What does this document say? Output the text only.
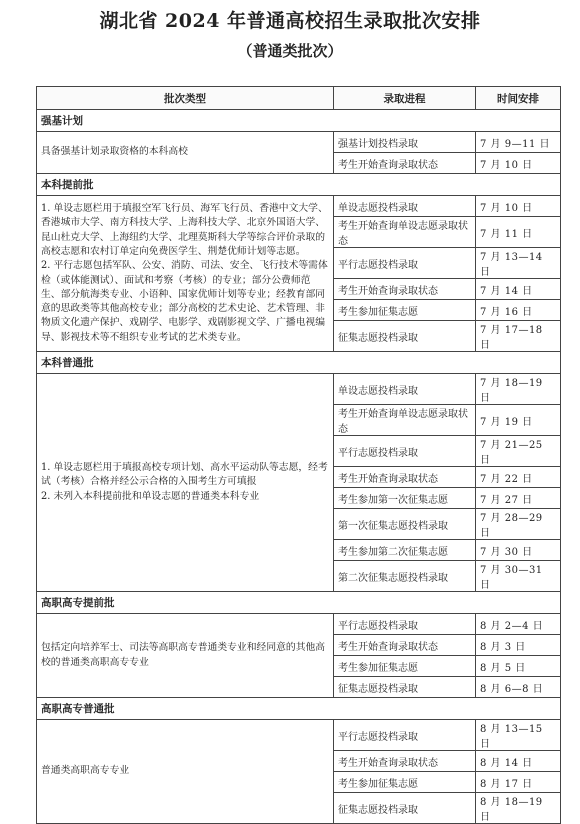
湖北省 2024 年普通高校招生录取批次安排
（普通类批次）
批次类型	录取进程	时间安排
强基计划		

具备强基计划录取资格的本科高校	强基计划投档录取	7 月 9—11 日
	考生开始查询录取状态	7 月 10 日
本科提前批		

1. 单设志愿栏用于填报空军飞行员、海军飞行员、香港中文大学、香港城市大学、南方科技大学、上海科技大学、北京外国语大学、昆山杜克大学、上海纽约大学、北理莫斯科大学等综合评价录取的高校志愿和农村订单定向免费医学生、荆楚优师计划等志愿。
2. 平行志愿包括军队、公安、消防、司法、安全、飞行技术等需体检（或体能测试）、面试和考察（考核）的专业；部分公费师范生、部分航海类专业、小语种、国家优师计划等专业；经教育部同意的思政类等其他高校专业；部分高校的艺术史论、艺术管理、非物质文化遗产保护、戏剧学、电影学、戏剧影视文学、广播电视编导、影视技术等不组织专业考试的艺术类专业。	单设志愿投档录取	7 月 10 日
	考生开始查询单设志愿录取状态	7 月 11 日
	平行志愿投档录取	7 月 13—14 日
	考生开始查询录取状态	7 月 14 日
	考生参加征集志愿	7 月 16 日
	征集志愿投档录取	7 月 17—18 日
本科普通批		

1. 单设志愿栏用于填报高校专项计划、高水平运动队等志愿，经考试（考核）合格并经公示合格的入围考生方可填报
2. 未列入本科提前批和单设志愿的普通类本科专业	单设志愿投档录取	7 月 18—19 日
	考生开始查询单设志愿录取状态	7 月 19 日
	平行志愿投档录取	7 月 21—25 日
	考生开始查询录取状态	7 月 22 日
	考生参加第一次征集志愿	7 月 27 日
	第一次征集志愿投档录取	7 月 28—29 日
	考生参加第二次征集志愿	7 月 30 日
	第二次征集志愿投档录取	7 月 30—31 日
高职高专提前批		

包括定向培养军士、司法等高职高专普通类专业和经同意的其他高校的普通类高职高专专业	平行志愿投档录取	8 月 2—4 日
	考生开始查询录取状态	8 月 3 日
	考生参加征集志愿	8 月 5 日
	征集志愿投档录取	8 月 6—8 日
高职高专普通批		

普通类高职高专专业	平行志愿投档录取	8 月 13—15 日
	考生开始查询录取状态	8 月 14 日
	考生参加征集志愿	8 月 17 日
	征集志愿投档录取	8 月 18—19 日
